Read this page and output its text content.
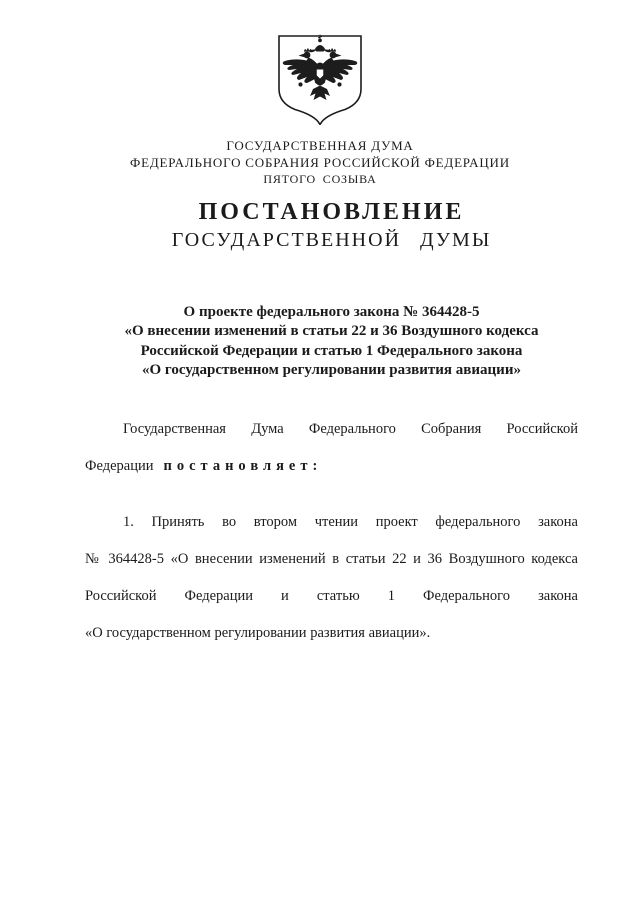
ГОСУДАРСТВЕННАЯ ДУМА
ФЕДЕРАЛЬНОГО СОБРАНИЯ РОССИЙСКОЙ ФЕДЕРАЦИИ
ПЯТОГО СОЗЫВА
ПОСТАНОВЛЕНИЕ
ГОСУДАРСТВЕННОЙ ДУМЫ
О проекте федерального закона № 364428-5
«О внесении изменений в статьи 22 и 36 Воздушного кодекса
Российской Федерации и статью 1 Федерального закона
«О государственном регулировании развития авиации»
Государственная Дума Федерального Собрания Российской
Федерации постановляет:
1. Принять во втором чтении проект федерального закона
№ 364428-5 «О внесении изменений в статьи 22 и 36 Воздушного кодекса
Российской Федерации и статью 1 Федерального закона
«О государственном регулировании развития авиации».
